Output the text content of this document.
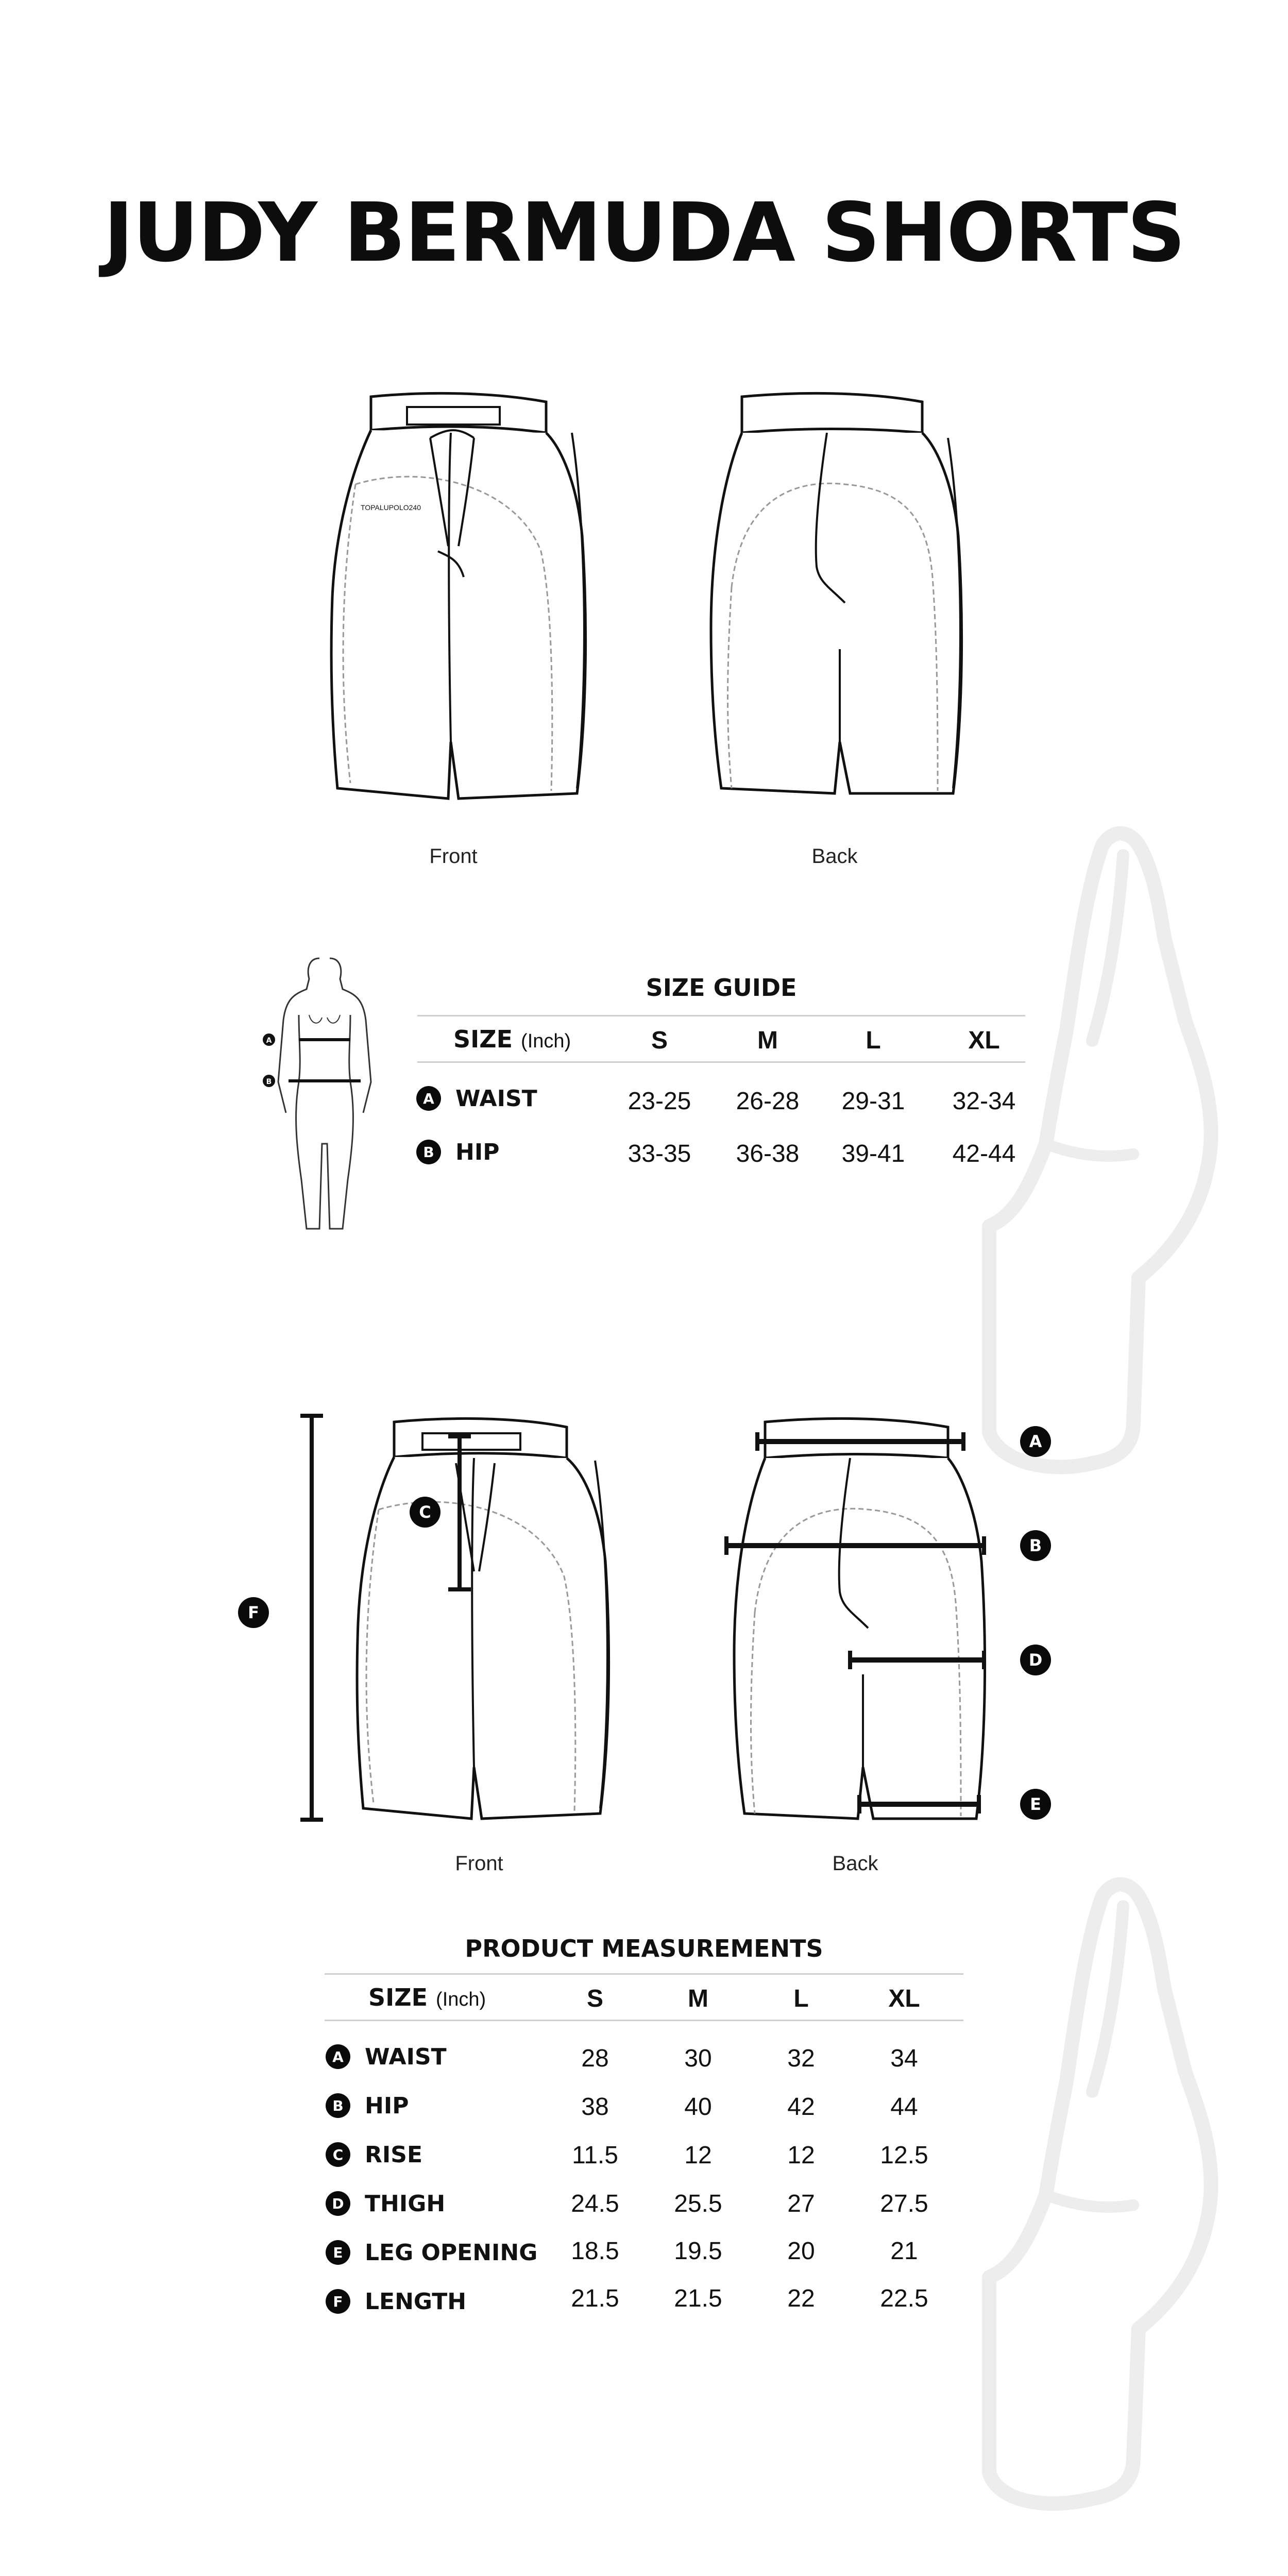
JUDY BERMUDA SHORTS
TOPALUPOLO240
Front	Back
A
B
SIZE GUIDE
SIZE (Inch)	S	M	L	XL
A WAIST	23-25	26-28	29-31	32-34
B HIP	33-35	36-38	39-41	42-44
F
C
Front
A
B
D
E
Back
PRODUCT MEASUREMENTS
SIZE (Inch)	S	M	L	XL
A WAIST	28	30	32	34
B HIP	38	40	42	44
C RISE	11.5	12	12	12.5
D THIGH	24.5	25.5	27	27.5
E LEG OPENING	18.5	19.5	20	21
F LENGTH	21.5	21.5	22	22.5
